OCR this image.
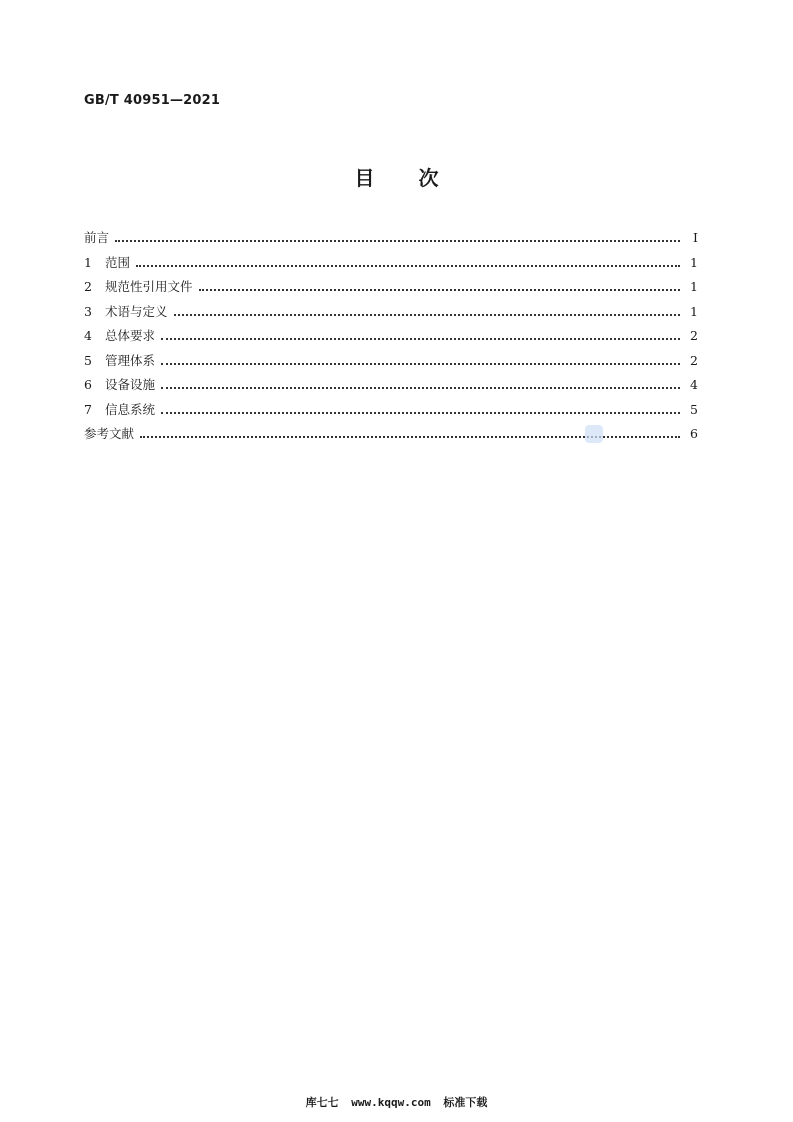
GB/T 40951—2021
目 次
前言	I
1	范围	1
2	规范性引用文件	1
3	术语与定义	1
4	总体要求	2
5	管理体系	2
6	设备设施	4
7	信息系统	5
参考文献	6
库七七 www.kqqw.com 标准下载
